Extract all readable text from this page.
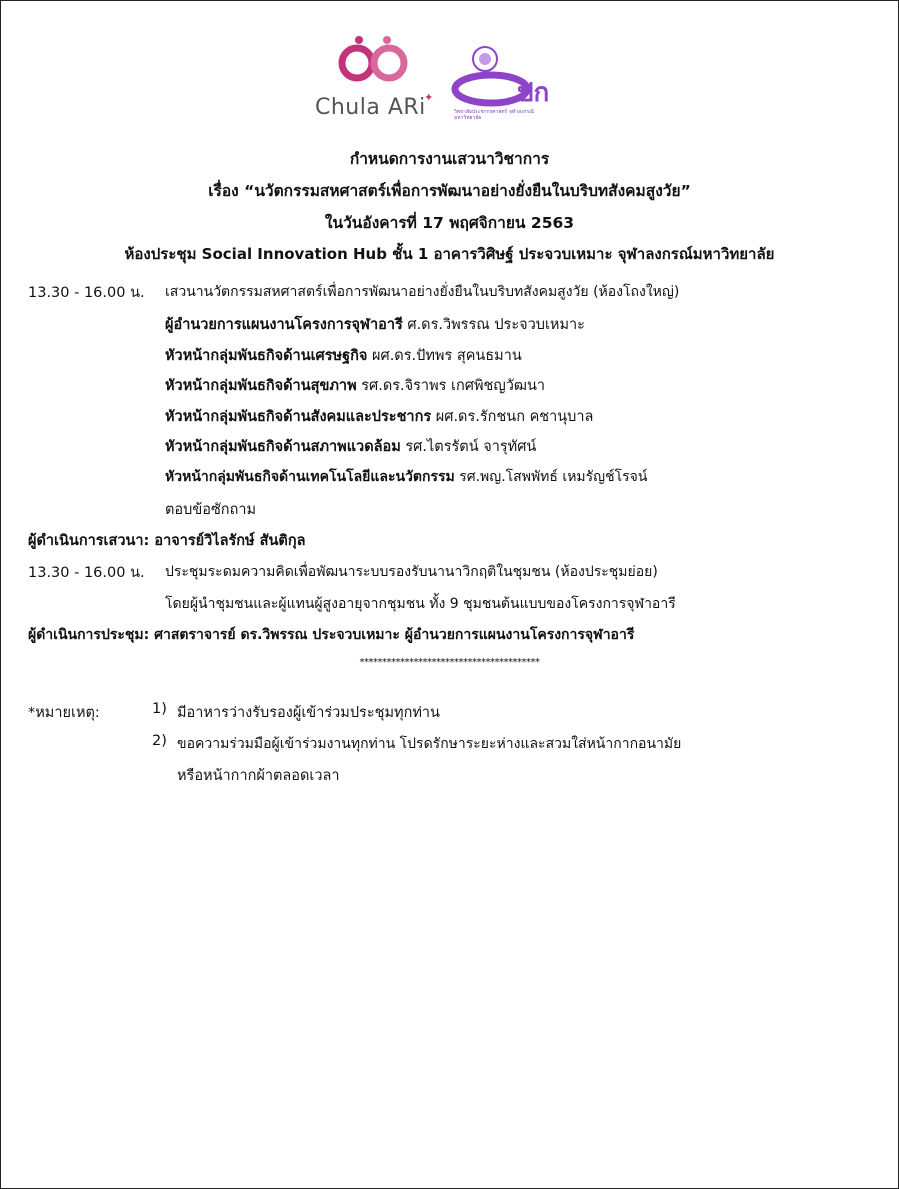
Chula ARi
✦	ปก
วิทยาลัยประชากรศาสตร์ จุฬาลงกรณ์มหาวิทยาลัย
กำหนดการงานเสวนาวิชาการ
เรื่อง “นวัตกรรมสหศาสตร์เพื่อการพัฒนาอย่างยั่งยืนในบริบทสังคมสูงวัย”
ในวันอังคารที่ 17 พฤศจิกายน 2563
ห้องประชุม Social Innovation Hub ชั้น 1 อาคารวิศิษฐ์ ประจวบเหมาะ จุฬาลงกรณ์มหาวิทยาลัย
13.30 - 16.00 น. เสวนานวัตกรรมสหศาสตร์เพื่อการพัฒนาอย่างยั่งยืนในบริบทสังคมสูงวัย (ห้องโถงใหญ่)
ผู้อำนวยการแผนงานโครงการจุฬาอารี ศ.ดร.วิพรรณ ประจวบเหมาะ
หัวหน้ากลุ่มพันธกิจด้านเศรษฐกิจ ผศ.ดร.ปัทพร สุคนธมาน
หัวหน้ากลุ่มพันธกิจด้านสุขภาพ รศ.ดร.จิราพร เกศพิชญวัฒนา
หัวหน้ากลุ่มพันธกิจด้านสังคมและประชากร ผศ.ดร.รักชนก คชานุบาล
หัวหน้ากลุ่มพันธกิจด้านสภาพแวดล้อม รศ.ไตรรัตน์ จารุทัศน์
หัวหน้ากลุ่มพันธกิจด้านเทคโนโลยีและนวัตกรรม รศ.พญ.โสพพัทธ์ เหมรัญช์โรจน์
ตอบข้อซักถาม
ผู้ดำเนินการเสวนา: อาจารย์วิไลรักษ์ สันติกุล
13.30 - 16.00 น. ประชุมระดมความคิดเพื่อพัฒนาระบบรองรับนานาวิกฤติในชุมชน (ห้องประชุมย่อย)
โดยผู้นำชุมชนและผู้แทนผู้สูงอายุจากชุมชน ทั้ง 9 ชุมชนต้นแบบของโครงการจุฬาอารี
ผู้ดำเนินการประชุม: ศาสตราจารย์ ดร.วิพรรณ ประจวบเหมาะ ผู้อำนวยการแผนงานโครงการจุฬาอารี
****************************************
*หมายเหตุ:	1) มีอาหารว่างรับรองผู้เข้าร่วมประชุมทุกท่าน
2) ขอความร่วมมือผู้เข้าร่วมงานทุกท่าน โปรดรักษาระยะห่างและสวมใส่หน้ากากอนามัย
หรือหน้ากากผ้าตลอดเวลา
